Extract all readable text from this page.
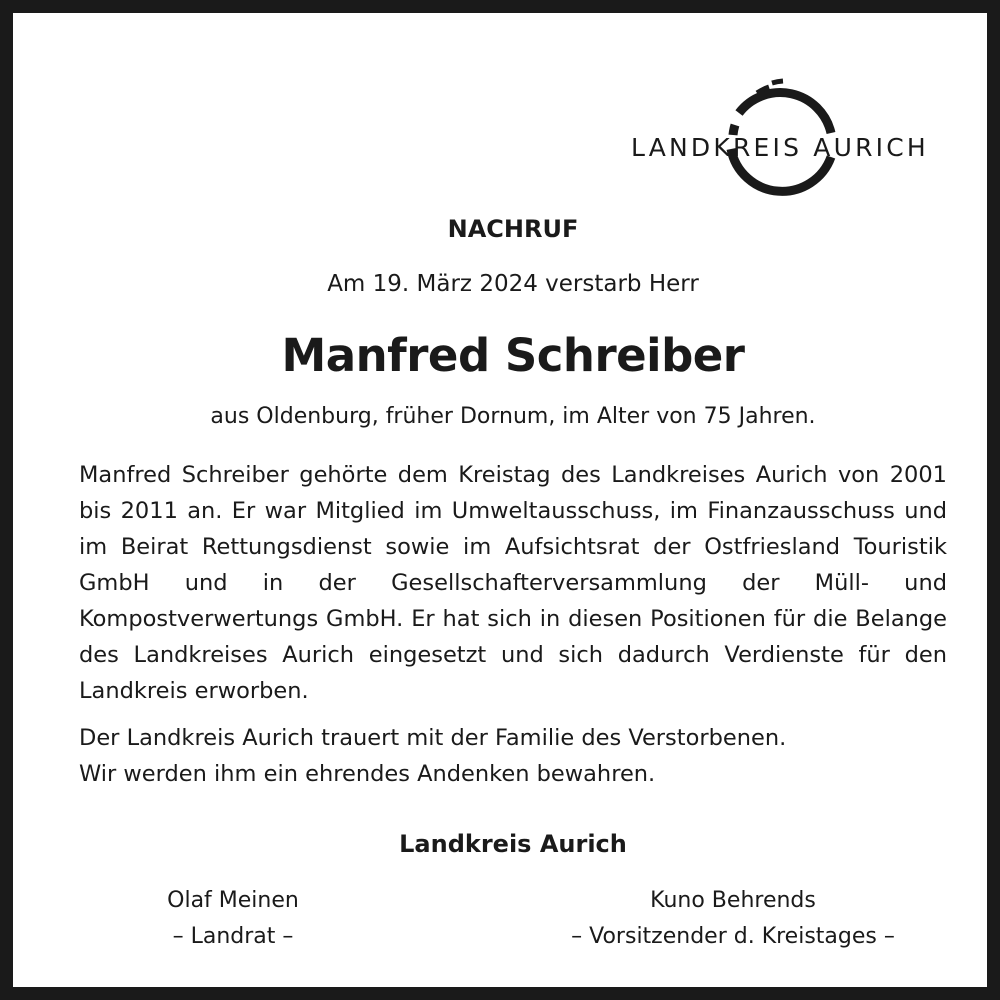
LANDKREIS AURICH
NACHRUF
Am 19. März 2024 verstarb Herr
Manfred Schreiber
aus Oldenburg, früher Dornum, im Alter von 75 Jahren.

Manfred Schreiber gehörte dem Kreistag des Landkreises Aurich von 2001 bis 2011 an. Er war Mitglied im Umweltausschuss, im Finanzausschuss und im Beirat Rettungsdienst sowie im Aufsichtsrat der Ostfriesland Touristik GmbH und in der Gesellschafterversammlung der Müll- und Kompostverwertungs GmbH. Er hat sich in diesen Positionen für die Belange des Landkreises Aurich eingesetzt und sich dadurch Verdienste für den Landkreis erworben.

Der Landkreis Aurich trauert mit der Familie des Verstorbenen.
Wir werden ihm ein ehrendes Andenken bewahren.
Landkreis Aurich
Olaf Meinen
– Landrat –
Kuno Behrends
– Vorsitzender d. Kreistages –
